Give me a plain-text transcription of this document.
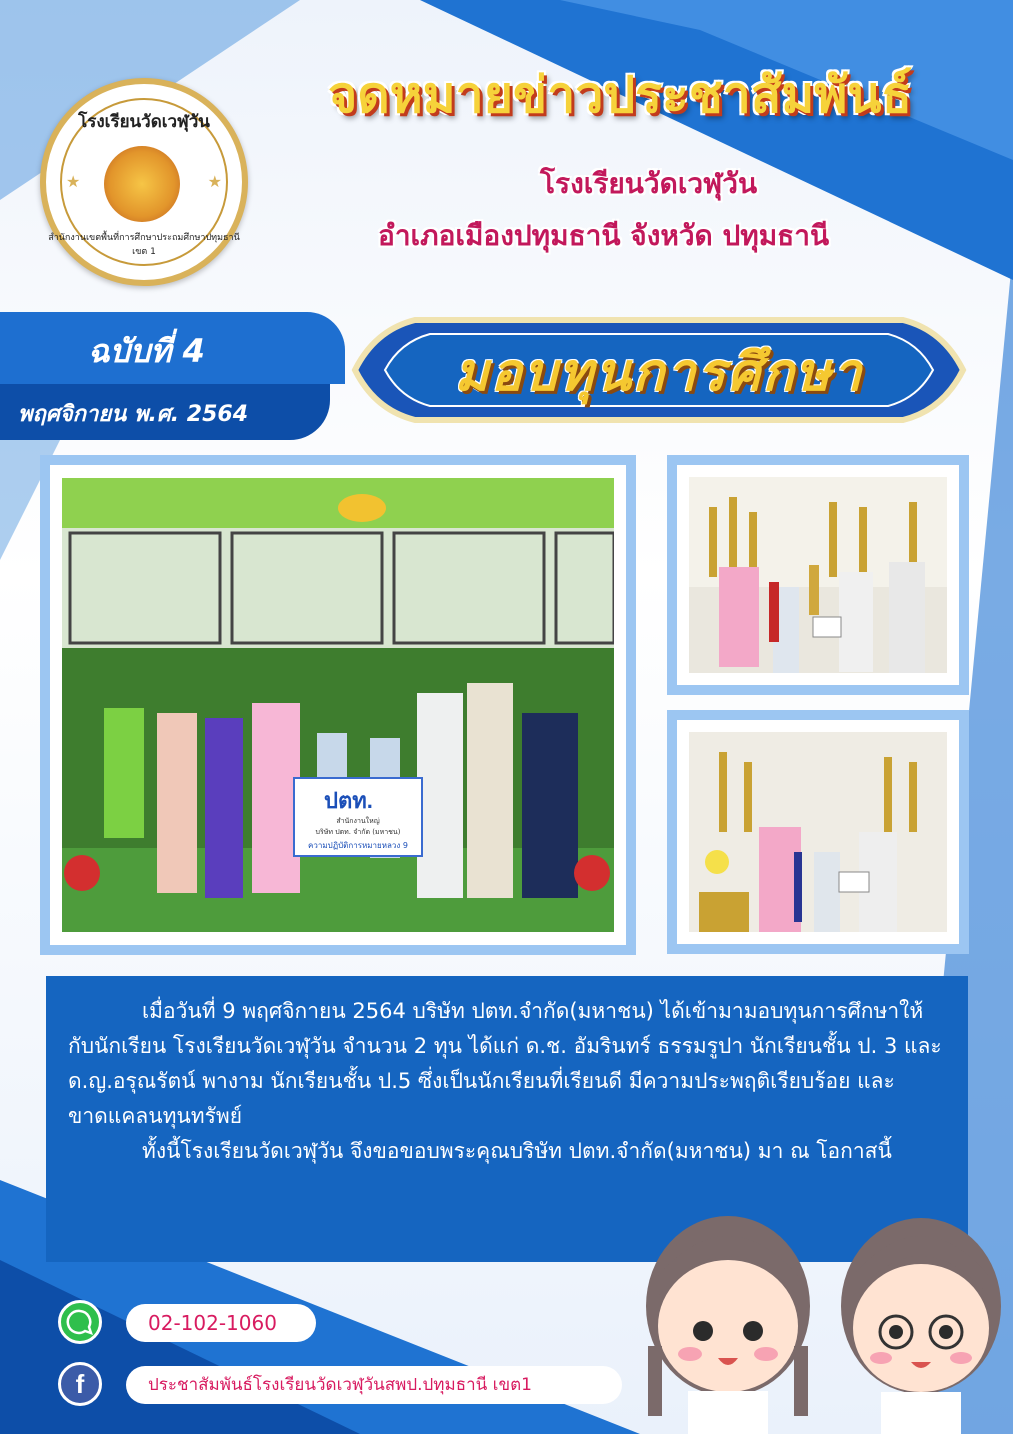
โรงเรียนวัดเวฬุวัน
★	★
สำนักงานเขตพื้นที่การศึกษาประถมศึกษาปทุมธานี เขต 1
จดหมายข่าวประชาสัมพันธ์
โรงเรียนวัดเวฬุวัน
อำเภอเมืองปทุมธานี จังหวัด ปทุมธานี
ฉบับที่ 4
พฤศจิกายน พ.ศ. 2564
มอบทุนการศึกษา
ปตท.
สำนักงานใหญ่
บริษัท ปตท. จำกัด (มหาชน)
ความปฏิบัติการหมายหลวง 9
เมื่อวันที่ 9 พฤศจิกายน 2564 บริษัท ปตท.จำกัด(มหาชน) ได้เข้ามามอบทุนการศึกษาให้กับนักเรียน โรงเรียนวัดเวฬุวัน จำนวน 2 ทุน ได้แก่ ด.ช. อัมรินทร์ ธรรมรูปา นักเรียนชั้น ป. 3 และ ด.ญ.อรุณรัตน์ พางาม นักเรียนชั้น ป.5 ซึ่งเป็นนักเรียนที่เรียนดี มีความประพฤติเรียบร้อย และขาดแคลนทุนทรัพย์
ทั้งนี้โรงเรียนวัดเวฬุวัน จึงขอขอบพระคุณบริษัท ปตท.จำกัด(มหาชน) มา ณ โอกาสนี้
02-102-1060
f	ประชาสัมพันธ์โรงเรียนวัดเวฬุวันสพป.ปทุมธานี เขต1
